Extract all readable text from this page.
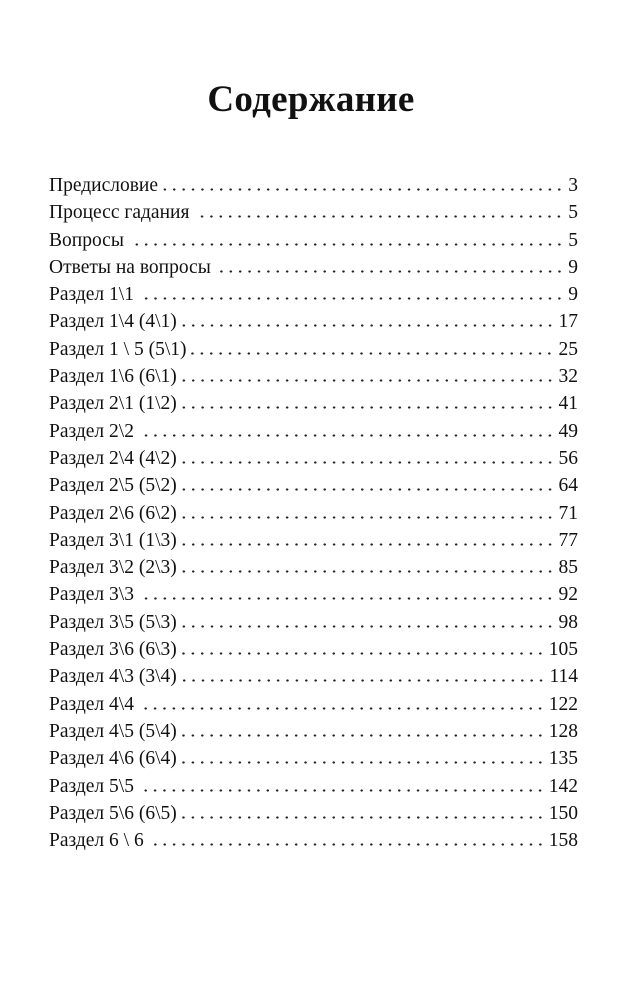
Содержание
Предисловие	3
Процесс гадания	5
Вопросы	5
Ответы на вопросы	9
Раздел 1\1	9
Раздел 1\4 (4\1)	17
Раздел 1 \ 5 (5\1)	25
Раздел 1\6 (6\1)	32
Раздел 2\1 (1\2)	41
Раздел 2\2	49
Раздел 2\4 (4\2)	56
Раздел 2\5 (5\2)	64
Раздел 2\6 (6\2)	71
Раздел 3\1 (1\3)	77
Раздел 3\2 (2\3)	85
Раздел 3\3	92
Раздел 3\5 (5\3)	98
Раздел 3\6 (6\3)	105
Раздел 4\3 (3\4)	114
Раздел 4\4	122
Раздел 4\5 (5\4)	128
Раздел 4\6 (6\4)	135
Раздел 5\5	142
Раздел 5\6 (6\5)	150
Раздел 6 \ 6	158
